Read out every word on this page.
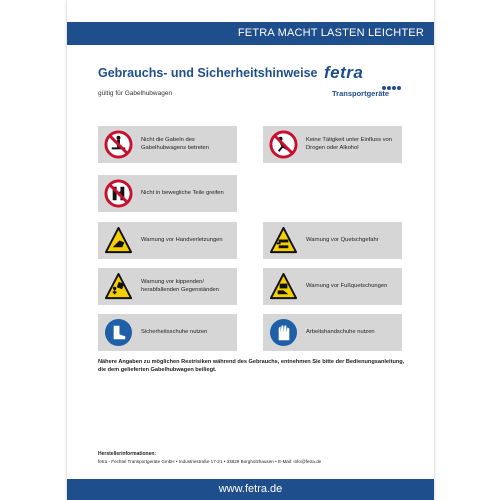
FETRA MACHT LASTEN LEICHTER
Gebrauchs- und Sicherheitshinweise
gültig für Gabelhubwagen
fetra
Transportgeräte
Nicht die Gabeln des Gabelhubwagens betreten
Keine Tätigkeit unter Einfluss von Drogen oder Alkohol
Nicht in bewegliche Teile greifen
Warnung vor Handverletzungen	Warnung vor Quetschgefahr
Warnung vor kippenden/ herabfallenden Gegenständen
Warnung vor Fußquetschungen
Sicherheitsschuhe nutzen	Arbeitshandschuhe nutzen
Nähere Angaben zu möglichen Restrisiken während des Gebrauchs, entnehmen Sie bitte der Bedienungsanleitung, die dem gelieferten Gabelhubwagen beiliegt.
Herstellerinformationen:
fetra - Fechtel Transportgeräte GmbH • Industriestraße 17-21 • 33829 Borgholzhausen • E-Mail: info@fetra.de
www.fetra.de
